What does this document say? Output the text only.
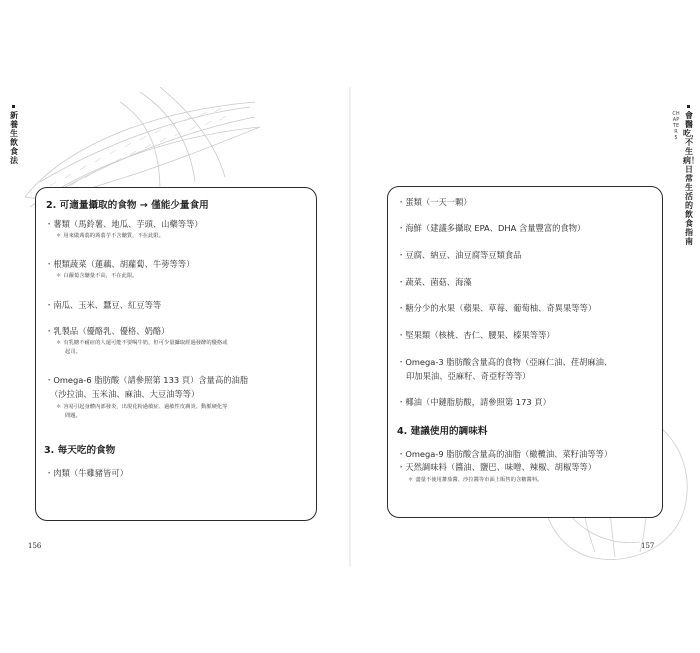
新養生飲食法
2. 可適量攝取的食物 → 僅能少量食用
・薯類（馬鈴薯、地瓜、芋頭、山藥等等）
＊ 用來做蒟蒻的蒟蒻芋不含醣質，不在此限。
・根類蔬菜（蓮藕、胡蘿蔔、牛蒡等等）
＊ 白蘿蔔含醣量不高，不在此限。
・南瓜、玉米、蠶豆、紅豆等等
・乳製品（優酪乳、優格、奶酪）
＊ 有乳糖不耐症的人還可能不要喝牛奶，但可少量攝取經過發酵的優格或
起司。
・Omega-6 脂肪酸（請參照第 133 頁）含量高的油脂
（沙拉油、玉米油、麻油、大豆油等等）
＊ 容易引起身體內部發炎，出現花粉過敏症、過敏性皮膚炎、動脈硬化等
問題。
3. 每天吃的食物
・肉類（牛雞豬皆可）
156
會醫吃，不生病！日常生活的飲食指南
CHAPTER 5
157
・蛋類（一天一顆）
・海鮮（建議多攝取 EPA、DHA 含量豐富的食物）
・豆腐、納豆、油豆腐等豆類食品
・蔬菜、菌菇、海藻
・糖分少的水果（蘋果、草莓、葡萄柚、奇異果等等）
・堅果類（核桃、杏仁、腰果、榛果等等）
・Omega-3 脂肪酸含量高的食物（亞麻仁油、荏胡麻油、
印加果油、亞麻籽、奇亞籽等等）
・椰油（中鏈脂肪酸，請參照第 173 頁）
4. 建議使用的調味料
・Omega-9 脂肪酸含量高的油脂（橄欖油、菜籽油等等）
・天然調味料（醬油、鹽巴、味噌、辣椒、胡椒等等）
＊ 盡量不使用蕃茄醬、沙拉醬等市面上販售的含糖醬料。
